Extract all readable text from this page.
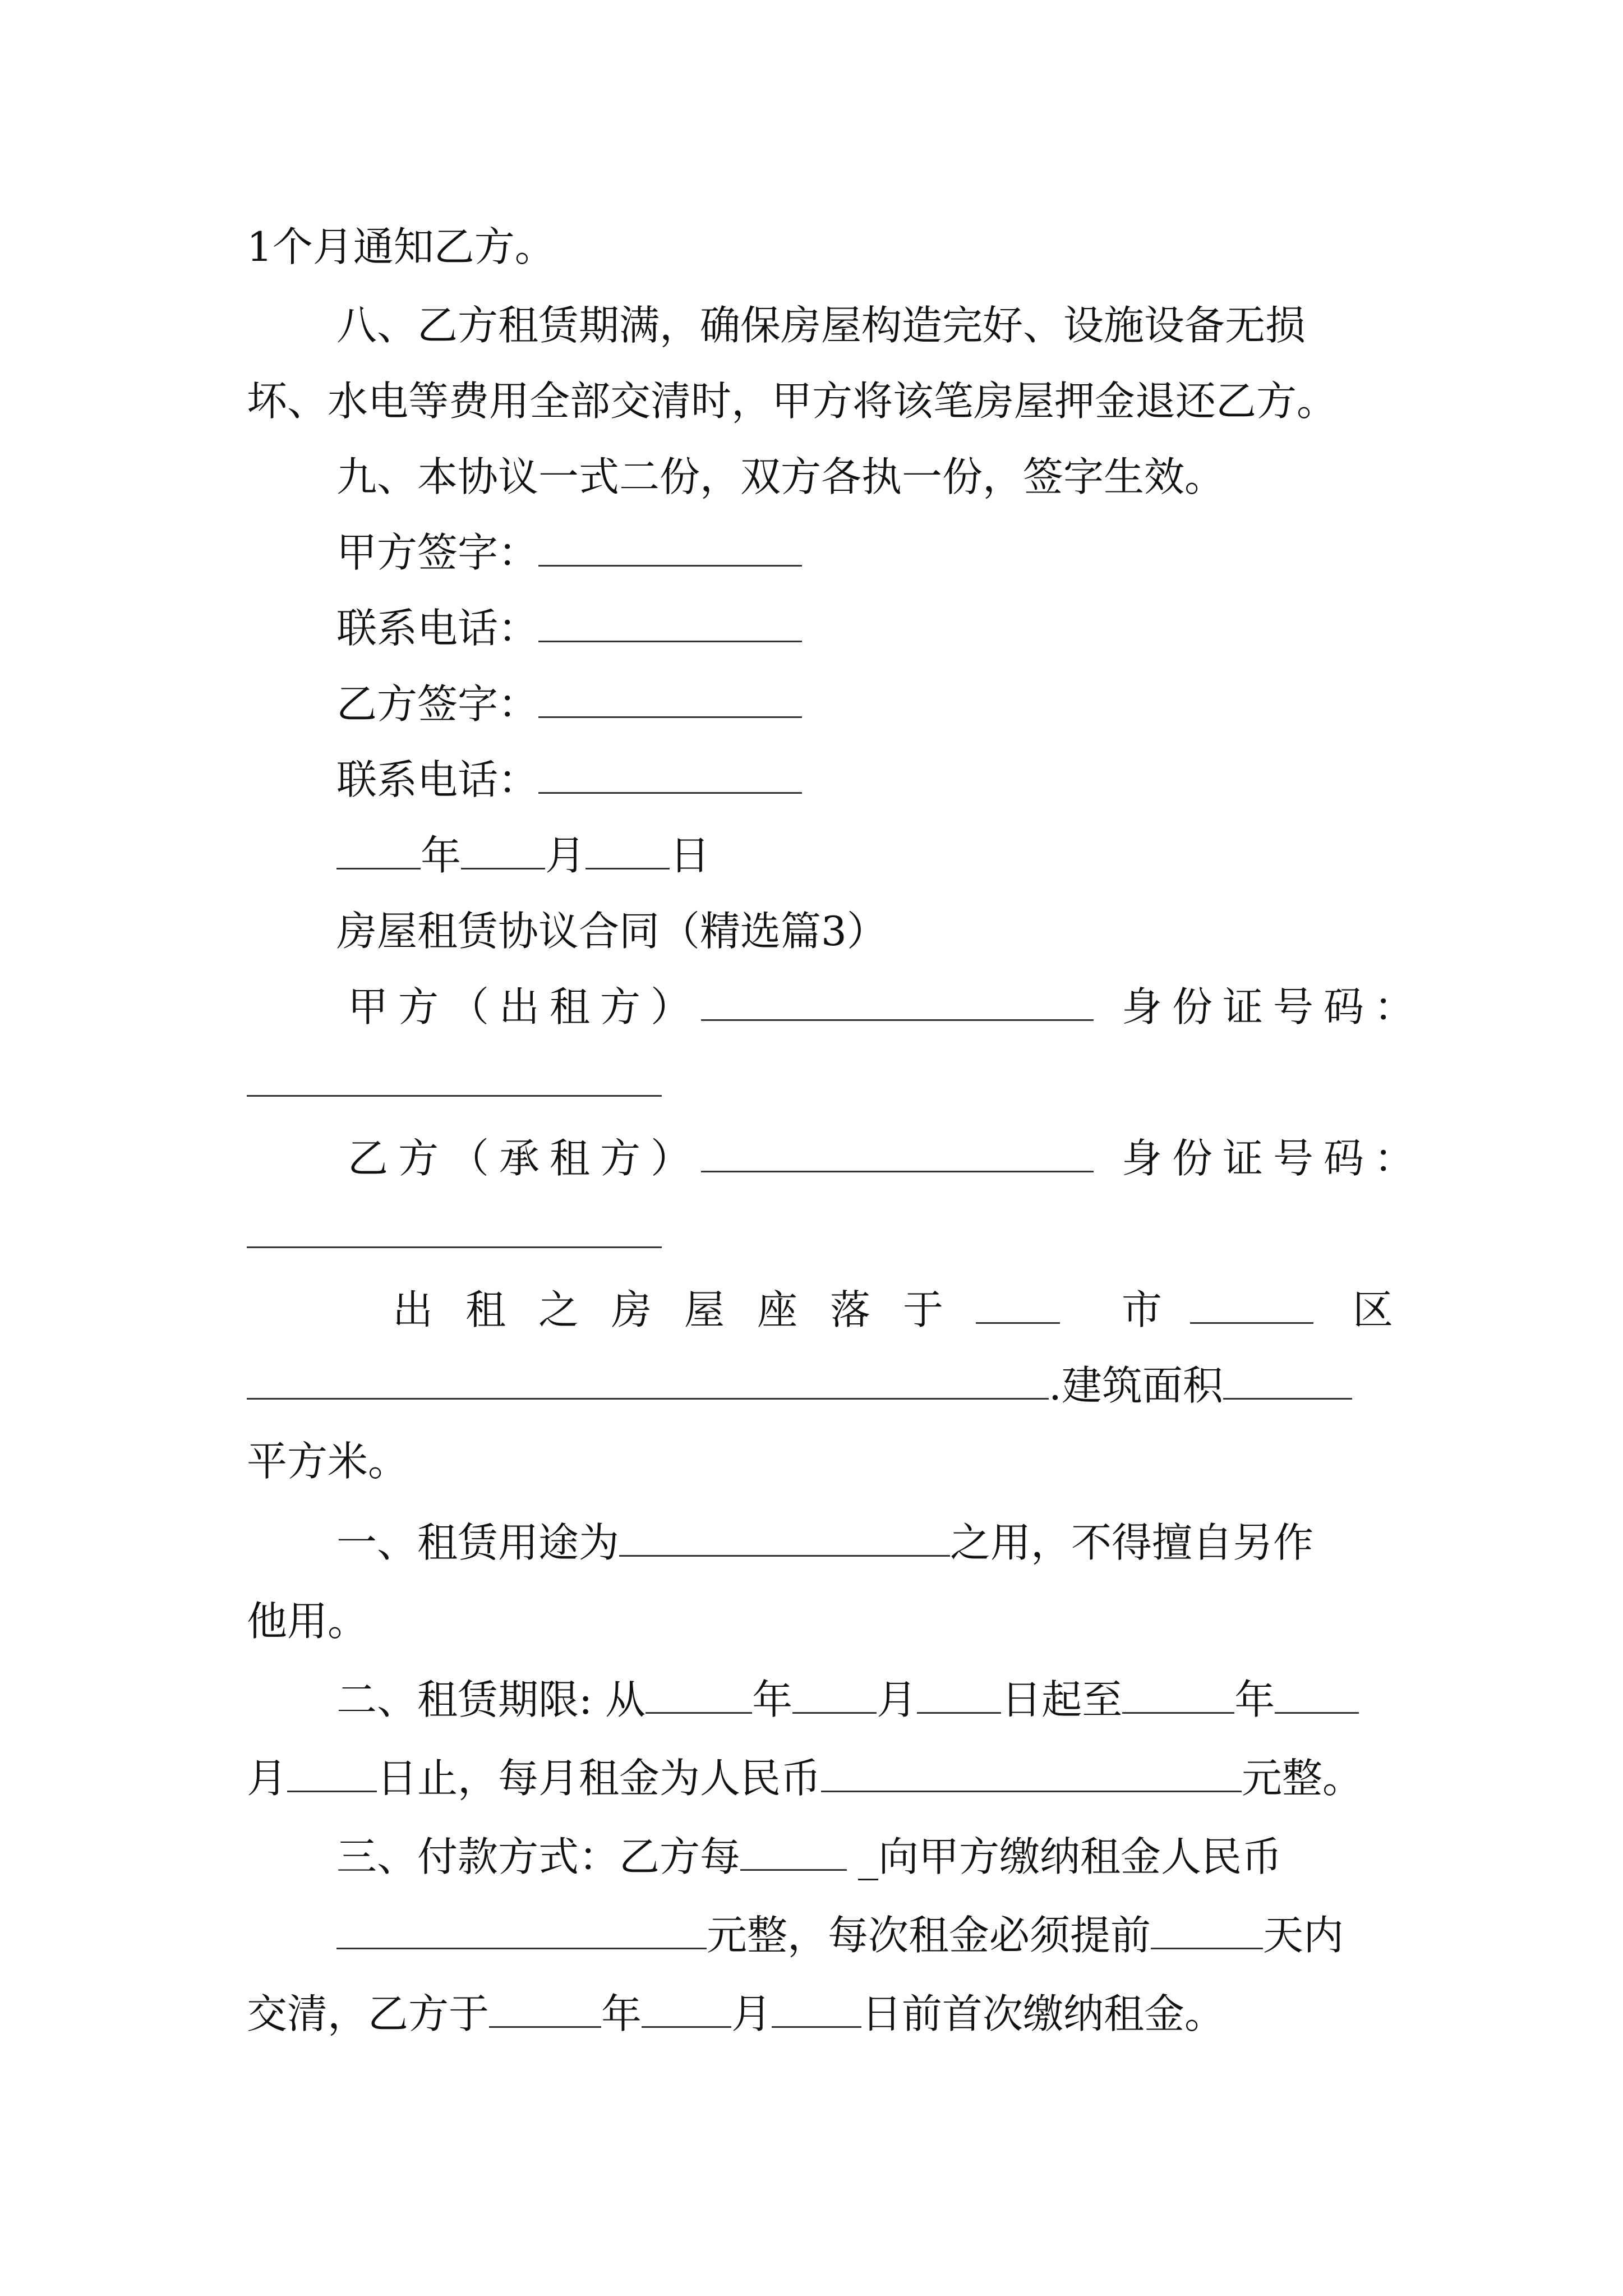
1个月通知乙方。
八、乙方租赁期满，确保房屋构造完好、设施设备无损
坏、水电等费用全部交清时，甲方将该笔房屋押金退还乙方。
九、本协议一式二份，双方各执一份，签字生效。
甲方签字：
联系电话：
乙方签字：
联系电话：
年 月 日
房屋租赁协议合同（精选篇3）
甲方（出租方）	身份证号码：
乙方（承租方）	身份证号码：
出租之房屋座落于	市	区
.建筑面积
平方米。
一、租赁用途为	之用，不得擅自另作
他用。
二、租赁期限: 从	年 月 日起至	年
月 日止，每月租金为人民币	元整。
三、付款方式：乙方每	_向甲方缴纳租金人民币
元整，每次租金必须提前	天内
交清，乙方于	年 月 日前首次缴纳租金。
